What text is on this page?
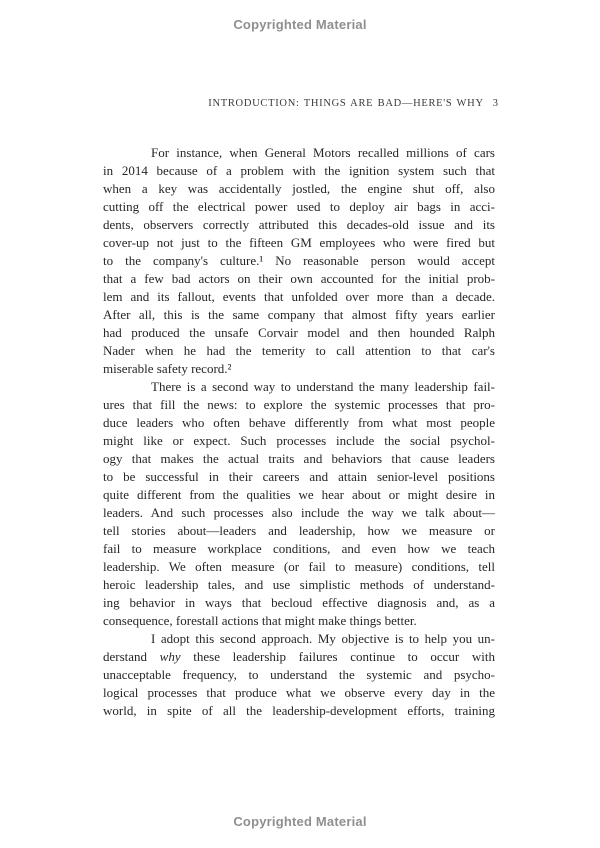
Copyrighted Material
INTRODUCTION: THINGS ARE BAD—HERE'S WHY 3
For instance, when General Motors recalled millions of cars
in 2014 because of a problem with the ignition system such that
when a key was accidentally jostled, the engine shut off, also
cutting off the electrical power used to deploy air bags in acci-
dents, observers correctly attributed this decades-old issue and its
cover-up not just to the fifteen GM employees who were fired but
to the company's culture.¹ No reasonable person would accept
that a few bad actors on their own accounted for the initial prob-
lem and its fallout, events that unfolded over more than a decade.
After all, this is the same company that almost fifty years earlier
had produced the unsafe Corvair model and then hounded Ralph
Nader when he had the temerity to call attention to that car's
miserable safety record.²
There is a second way to understand the many leadership fail-
ures that fill the news: to explore the systemic processes that pro-
duce leaders who often behave differently from what most people
might like or expect. Such processes include the social psychol-
ogy that makes the actual traits and behaviors that cause leaders
to be successful in their careers and attain senior-level positions
quite different from the qualities we hear about or might desire in
leaders. And such processes also include the way we talk about—
tell stories about—leaders and leadership, how we measure or
fail to measure workplace conditions, and even how we teach
leadership. We often measure (or fail to measure) conditions, tell
heroic leadership tales, and use simplistic methods of understand-
ing behavior in ways that becloud effective diagnosis and, as a
consequence, forestall actions that might make things better.
I adopt this second approach. My objective is to help you un-
derstand why these leadership failures continue to occur with
unacceptable frequency, to understand the systemic and psycho-
logical processes that produce what we observe every day in the
world, in spite of all the leadership-development efforts, training
Copyrighted Material
